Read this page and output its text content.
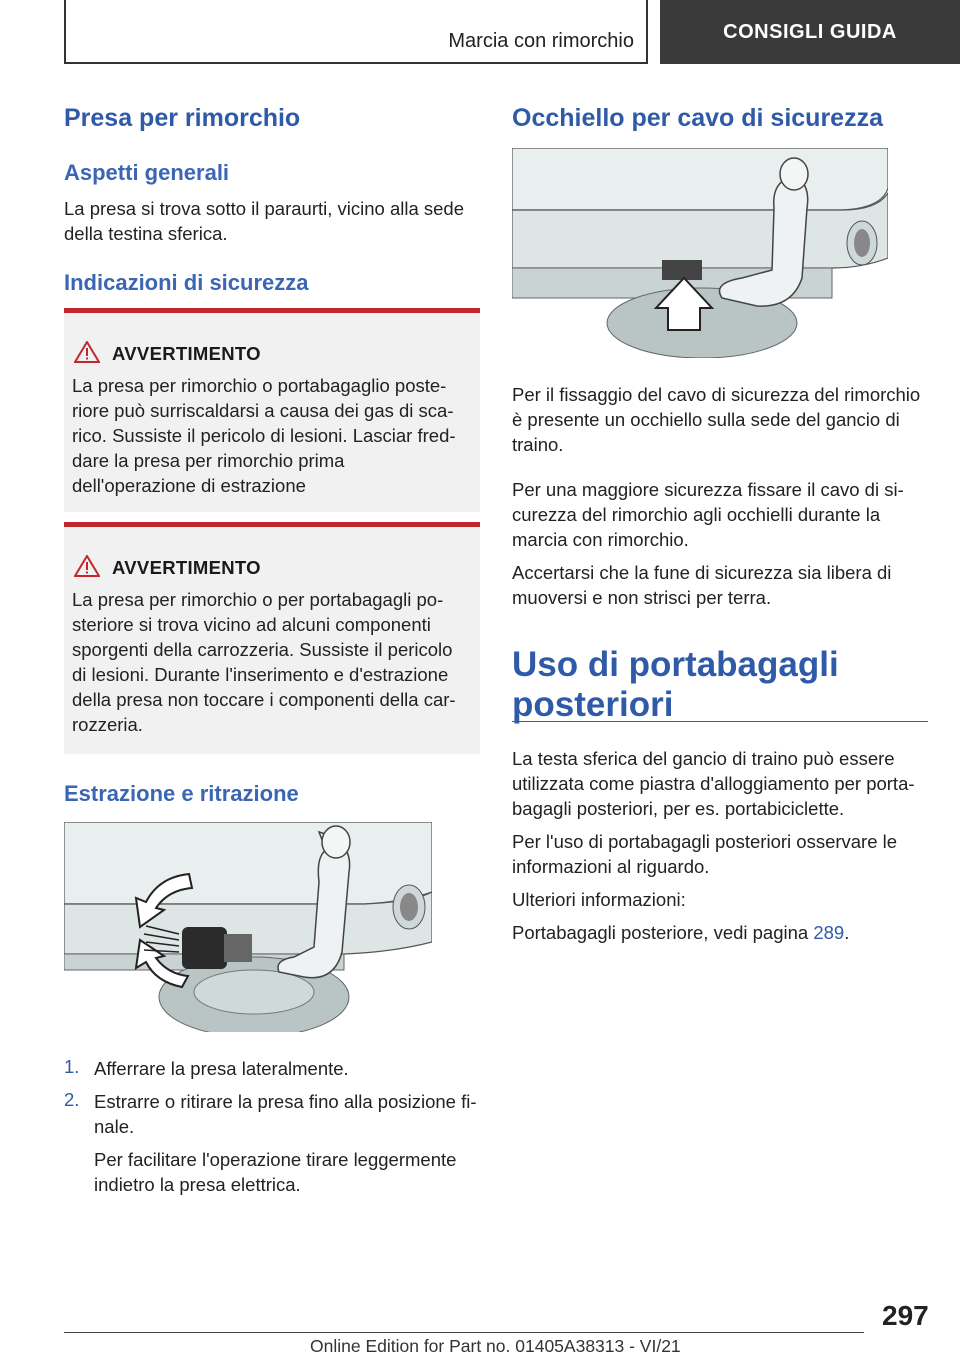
Marcia con rimorchio	CONSIGLI GUIDA
Presa per rimorchio
Aspetti generali

La presa si trova sotto il paraurti, vicino alla sede

della testina sferica.

Indicazioni di sicurezza
AVVERTIMENTO
La presa per rimorchio o portabagaglio poste-
riore può surriscaldarsi a causa dei gas di sca-
rico. Sussiste il pericolo di lesioni. Lasciar fred-
dare la presa per rimorchio prima
dell'operazione di estrazione
AVVERTIMENTO
La presa per rimorchio o per portabagagli po-
steriore si trova vicino ad alcuni componenti
sporgenti della carrozzeria. Sussiste il pericolo
di lesioni. Durante l'inserimento e d'estrazione
della presa non toccare i componenti della car-
rozzeria.
Estrazione e ritrazione
1. Afferrare la presa lateralmente.

2. Estrarre o ritirare la presa fino alla posizione fi-

nale.

Per facilitare l'operazione tirare leggermente

indietro la presa elettrica.

Occhiello per cavo di sicurezza

Per il fissaggio del cavo di sicurezza del rimorchio

è presente un occhiello sulla sede del gancio di

traino.

Per una maggiore sicurezza fissare il cavo di si-

curezza del rimorchio agli occhielli durante la

marcia con rimorchio.

Accertarsi che la fune di sicurezza sia libera di

muoversi e non strisci per terra.

Uso di portabagagli
posteriori

La testa sferica del gancio di traino può essere

utilizzata come piastra d'alloggiamento per porta-

bagagli posteriori, per es. portabiciclette.

Per l'uso di portabagagli posteriori osservare le

informazioni al riguardo.

Ulteriori informazioni:

Portabagagli posteriore, vedi pagina 289.

297
Online Edition for Part no. 01405A38313 - VI/21
